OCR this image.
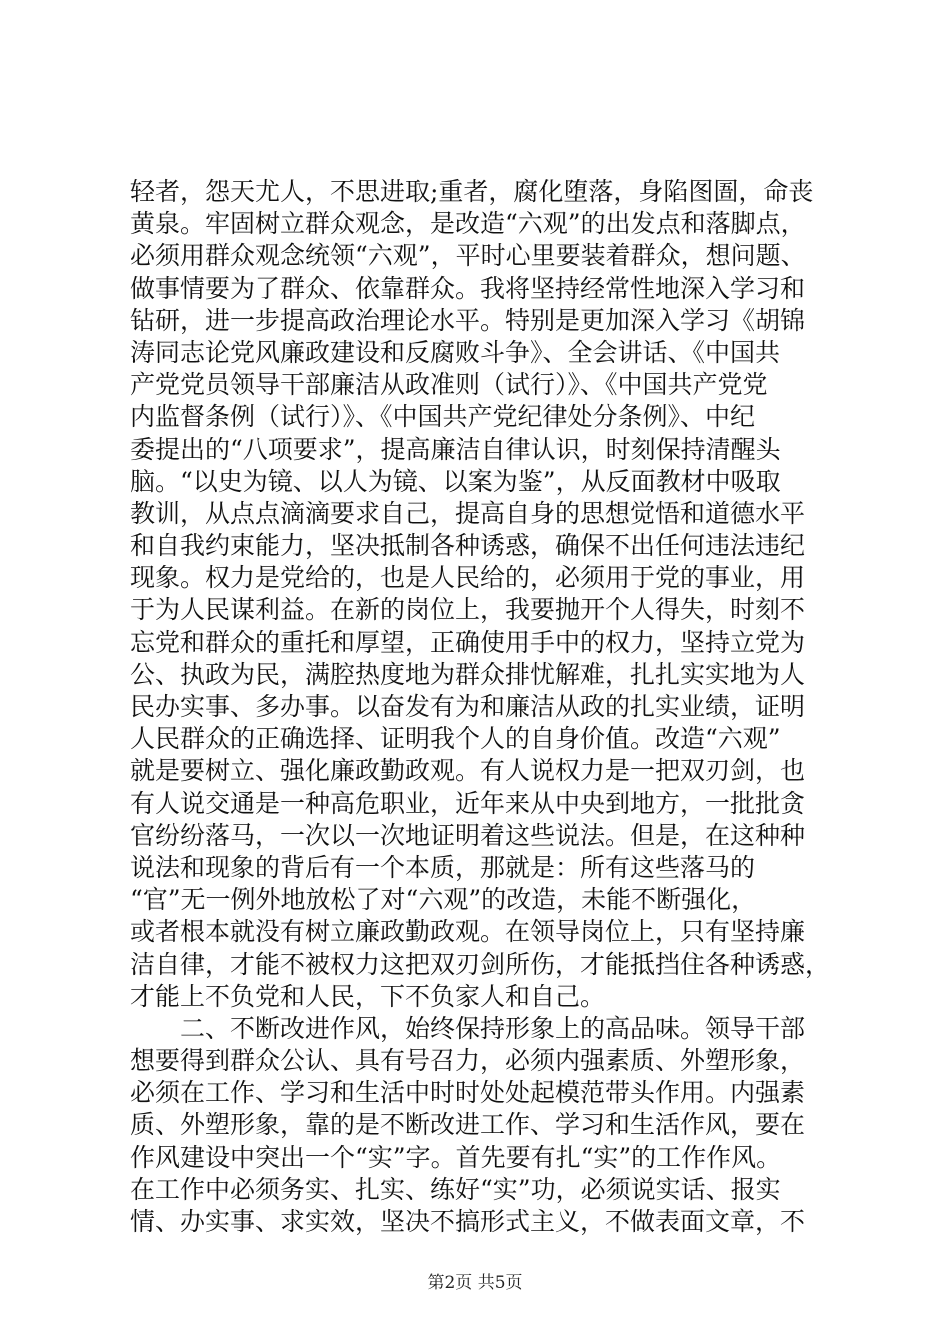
轻者，怨天尤人，不思进取;重者，腐化堕落，身陷图圄，命丧
黄泉。牢固树立群众观念，是改造“六观”的出发点和落脚点，
必须用群众观念统领“六观”，平时心里要装着群众，想问题、
做事情要为了群众、依靠群众。我将坚持经常性地深入学习和
钻研，进一步提高政治理论水平。特别是更加深入学习《胡锦
涛同志论党风廉政建设和反腐败斗争》、全会讲话、《中国共
产党党员领导干部廉洁从政准则（试行）》、《中国共产党党
内监督条例（试行）》、《中国共产党纪律处分条例》、中纪
委提出的“八项要求”，提高廉洁自律认识，时刻保持清醒头
脑。“以史为镜、以人为镜、以案为鉴”，从反面教材中吸取
教训，从点点滴滴要求自己，提高自身的思想觉悟和道德水平
和自我约束能力，坚决抵制各种诱惑，确保不出任何违法违纪
现象。权力是党给的，也是人民给的，必须用于党的事业，用
于为人民谋利益。在新的岗位上，我要抛开个人得失，时刻不
忘党和群众的重托和厚望，正确使用手中的权力，坚持立党为
公、执政为民，满腔热度地为群众排忧解难，扎扎实实地为人
民办实事、多办事。以奋发有为和廉洁从政的扎实业绩，证明
人民群众的正确选择、证明我个人的自身价值。改造“六观”
就是要树立、强化廉政勤政观。有人说权力是一把双刃剑，也
有人说交通是一种高危职业，近年来从中央到地方，一批批贪
官纷纷落马，一次以一次地证明着这些说法。但是，在这种种
说法和现象的背后有一个本质，那就是：所有这些落马的
“官”无一例外地放松了对“六观”的改造，未能不断强化，
或者根本就没有树立廉政勤政观。在领导岗位上，只有坚持廉
洁自律，才能不被权力这把双刃剑所伤，才能抵挡住各种诱惑，
才能上不负党和人民，下不负家人和自己。
　　二、不断改进作风，始终保持形象上的高品味。领导干部
想要得到群众公认、具有号召力，必须内强素质、外塑形象，
必须在工作、学习和生活中时时处处起模范带头作用。内强素
质、外塑形象，靠的是不断改进工作、学习和生活作风，要在
作风建设中突出一个“实”字。首先要有扎“实”的工作作风。
在工作中必须务实、扎实、练好“实”功，必须说实话、报实
情、办实事、求实效，坚决不搞形式主义，不做表面文章，不
第2页 共5页
